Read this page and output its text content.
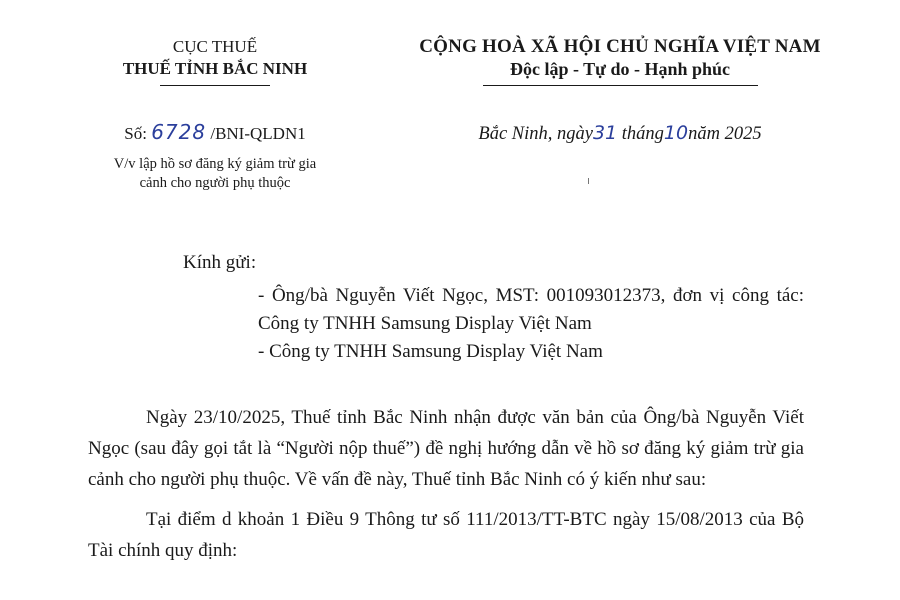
CỤC THUẾ
THUẾ TỈNH BẮC NINH
CỘNG HOÀ XÃ HỘI CHỦ NGHĨA VIỆT NAM
Độc lập - Tự do - Hạnh phúc
Số: 6728 /BNI-QLDN1
V/v lập hồ sơ đăng ký giảm trừ gia
cảnh cho người phụ thuộc
Bắc Ninh, ngày31 tháng10năm 2025
Kính gửi:

- Ông/bà Nguyễn Viết Ngọc, MST: 001093012373, đơn vị công tác: Công ty TNHH Samsung Display Việt Nam

- Công ty TNHH Samsung Display Việt Nam

Ngày 23/10/2025, Thuế tỉnh Bắc Ninh nhận được văn bản của Ông/bà Nguyễn Viết Ngọc (sau đây gọi tắt là “Người nộp thuế”) đề nghị hướng dẫn về hồ sơ đăng ký giảm trừ gia cảnh cho người phụ thuộc. Về vấn đề này, Thuế tỉnh Bắc Ninh có ý kiến như sau:

Tại điểm d khoản 1 Điều 9 Thông tư số 111/2013/TT-BTC ngày 15/08/2013 của Bộ Tài chính quy định:
